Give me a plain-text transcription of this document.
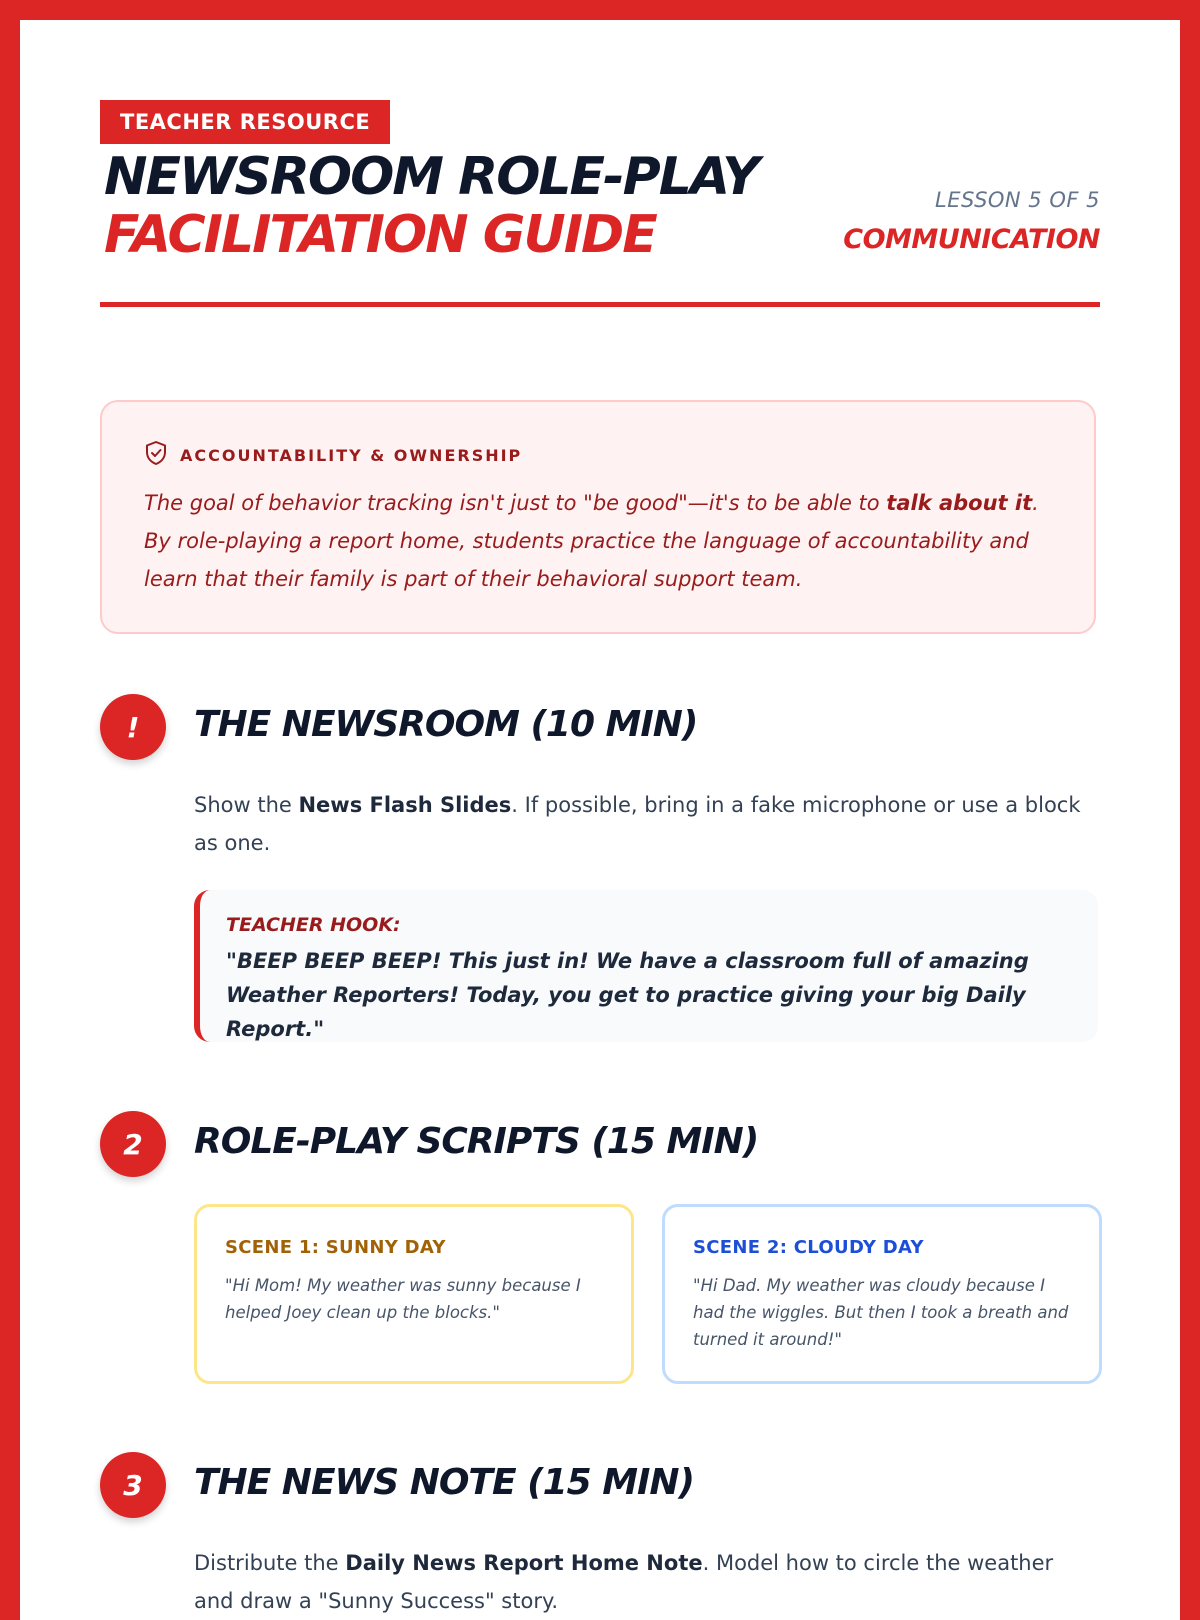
TEACHER RESOURCE
NEWSROOM ROLE-PLAY
FACILITATION GUIDE
LESSON 5 OF 5
COMMUNICATION
ACCOUNTABILITY & OWNERSHIP
The goal of behavior tracking isn't just to "be good"—it's to be able to talk about it. By role-playing a report home, students practice the language of accountability and learn that their family is part of their behavioral support team.
!	THE NEWSROOM (10 MIN)
Show the News Flash Slides. If possible, bring in a fake microphone or use a block as one.
TEACHER HOOK:
"BEEP BEEP BEEP! This just in! We have a classroom full of amazing Weather Reporters! Today, you get to practice giving your big Daily Report."
2	ROLE-PLAY SCRIPTS (15 MIN)
SCENE 1: SUNNY DAY
"Hi Mom! My weather was sunny because I helped Joey clean up the blocks."
SCENE 2: CLOUDY DAY
"Hi Dad. My weather was cloudy because I had the wiggles. But then I took a breath and turned it around!"
3	THE NEWS NOTE (15 MIN)
Distribute the Daily News Report Home Note. Model how to circle the weather and draw a "Sunny Success" story.
